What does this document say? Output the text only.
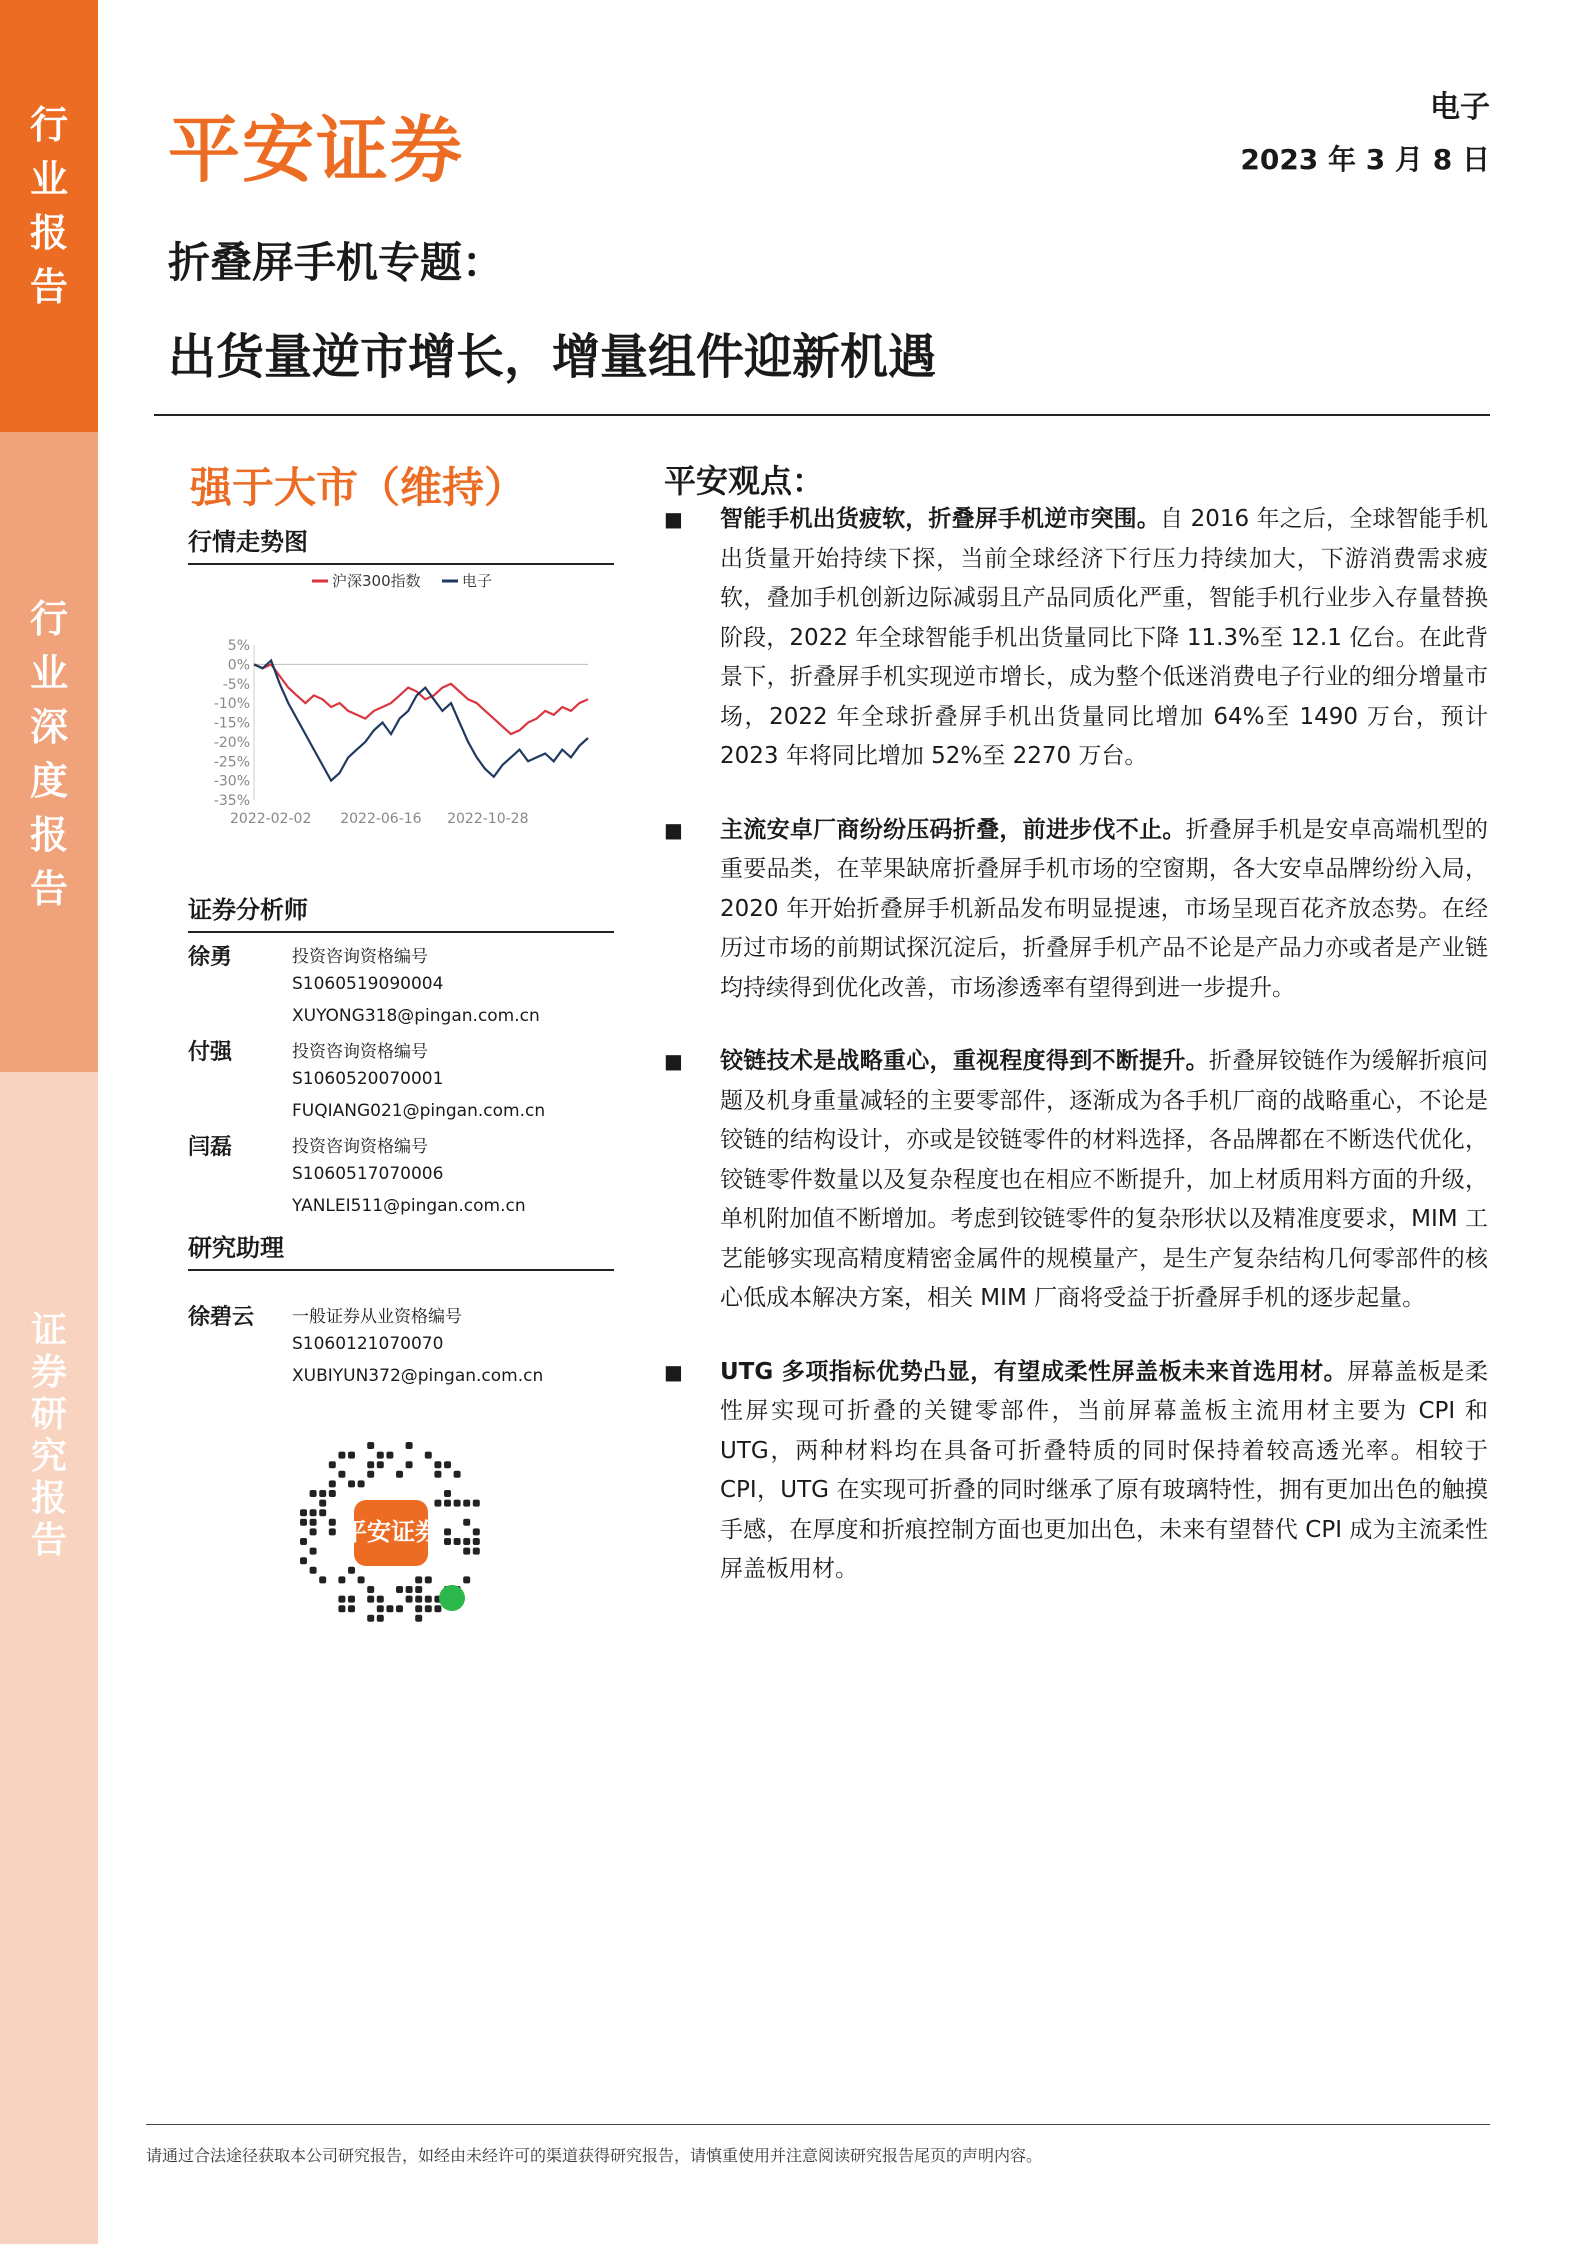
行
业
报
告
行
业
深
度
报
告
证
券
研
究
报
告
平安证券
电子
2023 年 3 月 8 日
折叠屏手机专题：
出货量逆市增长，增量组件迎新机遇
强于大市（维持）
行情走势图
沪深300指数	电子
5%
0%
-5%
-10%
-15%
-20%
-25%
-30%
-35%
2022-02-02 2022-06-16 2022-10-28
证券分析师
徐勇	投资咨询资格编号
S1060519090004
XUYONG318@pingan.com.cn
付强	投资咨询资格编号
S1060520070001
FUQIANG021@pingan.com.cn
闫磊	投资咨询资格编号
S1060517070006
YANLEI511@pingan.com.cn
研究助理
徐碧云 一般证券从业资格编号
S1060121070070
XUBIYUN372@pingan.com.cn
平安证券
平安观点：
■ 智能手机出货疲软，折叠屏手机逆市突围。自 2016 年之后，全球智能手机出货量开始持续下探，当前全球经济下行压力持续加大，下游消费需求疲软，叠加手机创新边际减弱且产品同质化严重，智能手机行业步入存量替换阶段，2022 年全球智能手机出货量同比下降 11.3%至 12.1 亿台。在此背景下，折叠屏手机实现逆市增长，成为整个低迷消费电子行业的细分增量市场，2022 年全球折叠屏手机出货量同比增加 64%至 1490 万台，预计 2023 年将同比增加 52%至 2270 万台。
■ 主流安卓厂商纷纷压码折叠，前进步伐不止。折叠屏手机是安卓高端机型的重要品类，在苹果缺席折叠屏手机市场的空窗期，各大安卓品牌纷纷入局，2020 年开始折叠屏手机新品发布明显提速，市场呈现百花齐放态势。在经历过市场的前期试探沉淀后，折叠屏手机产品不论是产品力亦或者是产业链均持续得到优化改善，市场渗透率有望得到进一步提升。
■ 铰链技术是战略重心，重视程度得到不断提升。折叠屏铰链作为缓解折痕问题及机身重量减轻的主要零部件，逐渐成为各手机厂商的战略重心，不论是铰链的结构设计，亦或是铰链零件的材料选择，各品牌都在不断迭代优化，铰链零件数量以及复杂程度也在相应不断提升，加上材质用料方面的升级，单机附加值不断增加。考虑到铰链零件的复杂形状以及精准度要求，MIM 工艺能够实现高精度精密金属件的规模量产，是生产复杂结构几何零部件的核心低成本解决方案，相关 MIM 厂商将受益于折叠屏手机的逐步起量。
■ UTG 多项指标优势凸显，有望成柔性屏盖板未来首选用材。屏幕盖板是柔性屏实现可折叠的关键零部件，当前屏幕盖板主流用材主要为 CPI 和 UTG，两种材料均在具备可折叠特质的同时保持着较高透光率。相较于CPI，UTG 在实现可折叠的同时继承了原有玻璃特性，拥有更加出色的触摸手感，在厚度和折痕控制方面也更加出色，未来有望替代 CPI 成为主流柔性屏盖板用材。
请通过合法途径获取本公司研究报告，如经由未经许可的渠道获得研究报告，请慎重使用并注意阅读研究报告尾页的声明内容。
